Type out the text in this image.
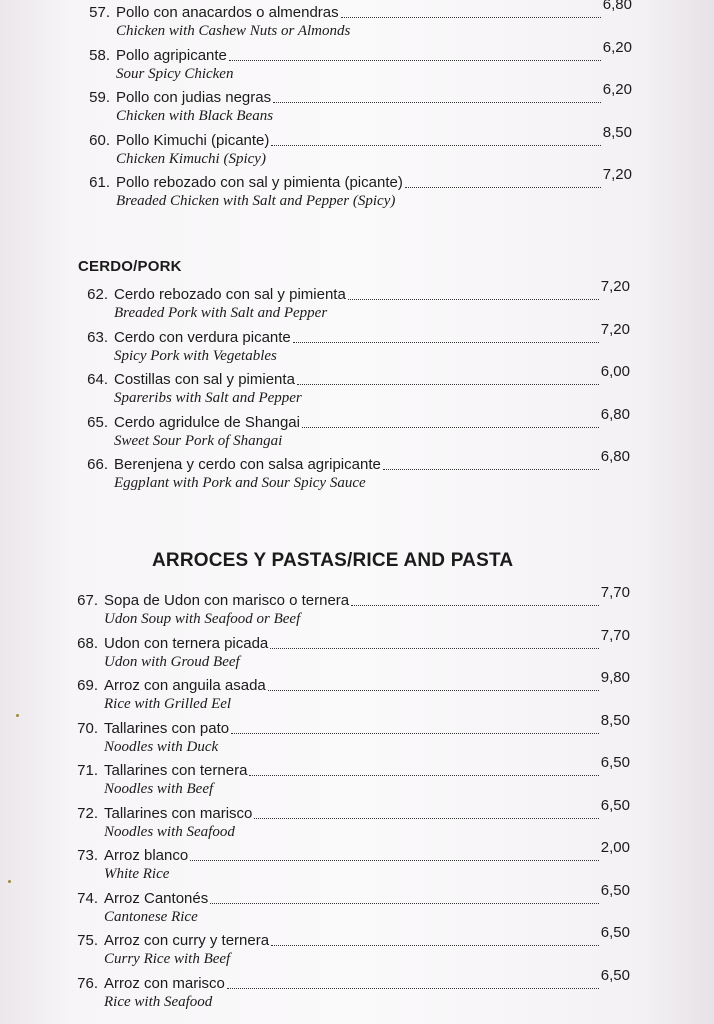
57. Pollo con anacardos o almendras	6,80
Chicken with Cashew Nuts or Almonds
58. Pollo agripicante	6,20
Sour Spicy Chicken
59. Pollo con judias negras	6,20
Chicken with Black Beans
60. Pollo Kimuchi (picante)	8,50
Chicken Kimuchi (Spicy)
61. Pollo rebozado con sal y pimienta (picante)	7,20
Breaded Chicken with Salt and Pepper (Spicy)
CERDO/PORK
62. Cerdo rebozado con sal y pimienta	7,20
Breaded Pork with Salt and Pepper
63. Cerdo con verdura picante	7,20
Spicy Pork with Vegetables
64. Costillas con sal y pimienta	6,00
Spareribs with Salt and Pepper
65. Cerdo agridulce de Shangai	6,80
Sweet Sour Pork of Shangai
66. Berenjena y cerdo con salsa agripicante	6,80
Eggplant with Pork and Sour Spicy Sauce
ARROCES Y PASTAS/RICE AND PASTA
67. Sopa de Udon con marisco o ternera	7,70
Udon Soup with Seafood or Beef
68. Udon con ternera picada	7,70
Udon with Groud Beef
69. Arroz con anguila asada	9,80
Rice with Grilled Eel
70. Tallarines con pato	8,50
Noodles with Duck
71. Tallarines con ternera	6,50
Noodles with Beef
72. Tallarines con marisco	6,50
Noodles with Seafood
73. Arroz blanco	2,00
White Rice
74. Arroz Cantonés	6,50
Cantonese Rice
75. Arroz con curry y ternera	6,50
Curry Rice with Beef
76. Arroz con marisco	6,50
Rice with Seafood
